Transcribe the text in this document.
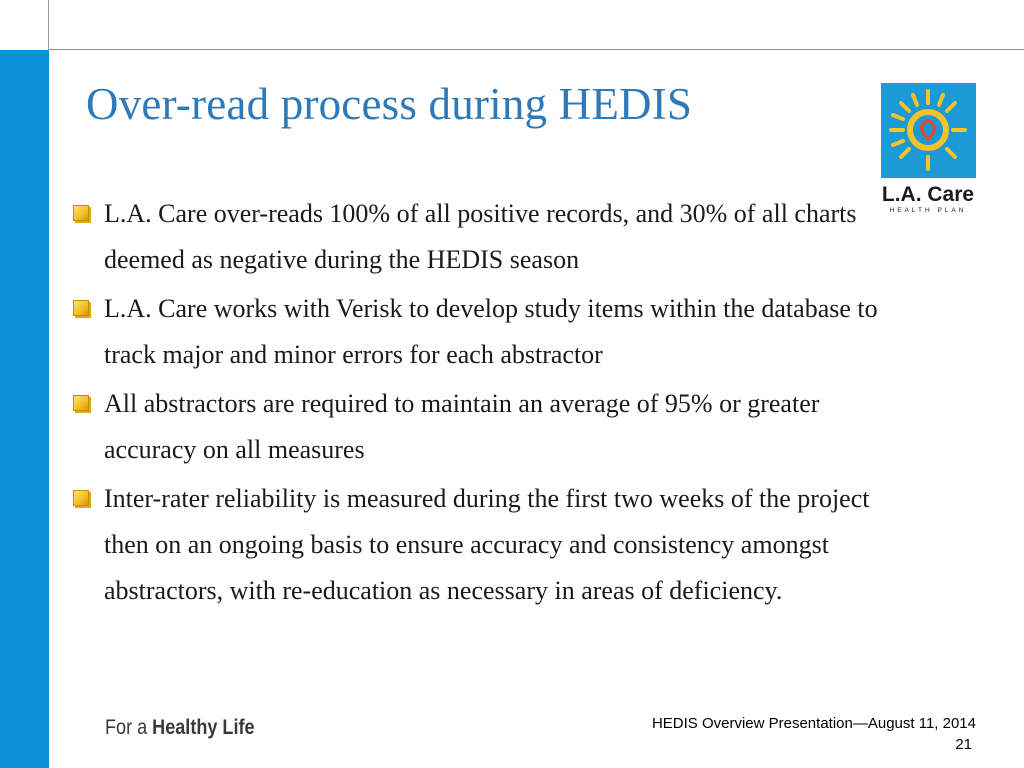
Over-read process during HEDIS
L.A. Care
HEALTH PLAN
L.A. Care over-reads 100% of all positive records, and 30% of all charts deemed as negative during the HEDIS season
L.A. Care works with Verisk to develop study items within the database to track major and minor errors for each abstractor
All abstractors are required to maintain an average of 95% or greater accuracy on all measures
Inter-rater reliability is measured during the first two weeks of the project then on an ongoing basis to ensure accuracy and consistency amongst abstractors, with re-education as necessary in areas of deficiency.
For a Healthy Life	HEDIS Overview Presentation—August 11, 2014
21
